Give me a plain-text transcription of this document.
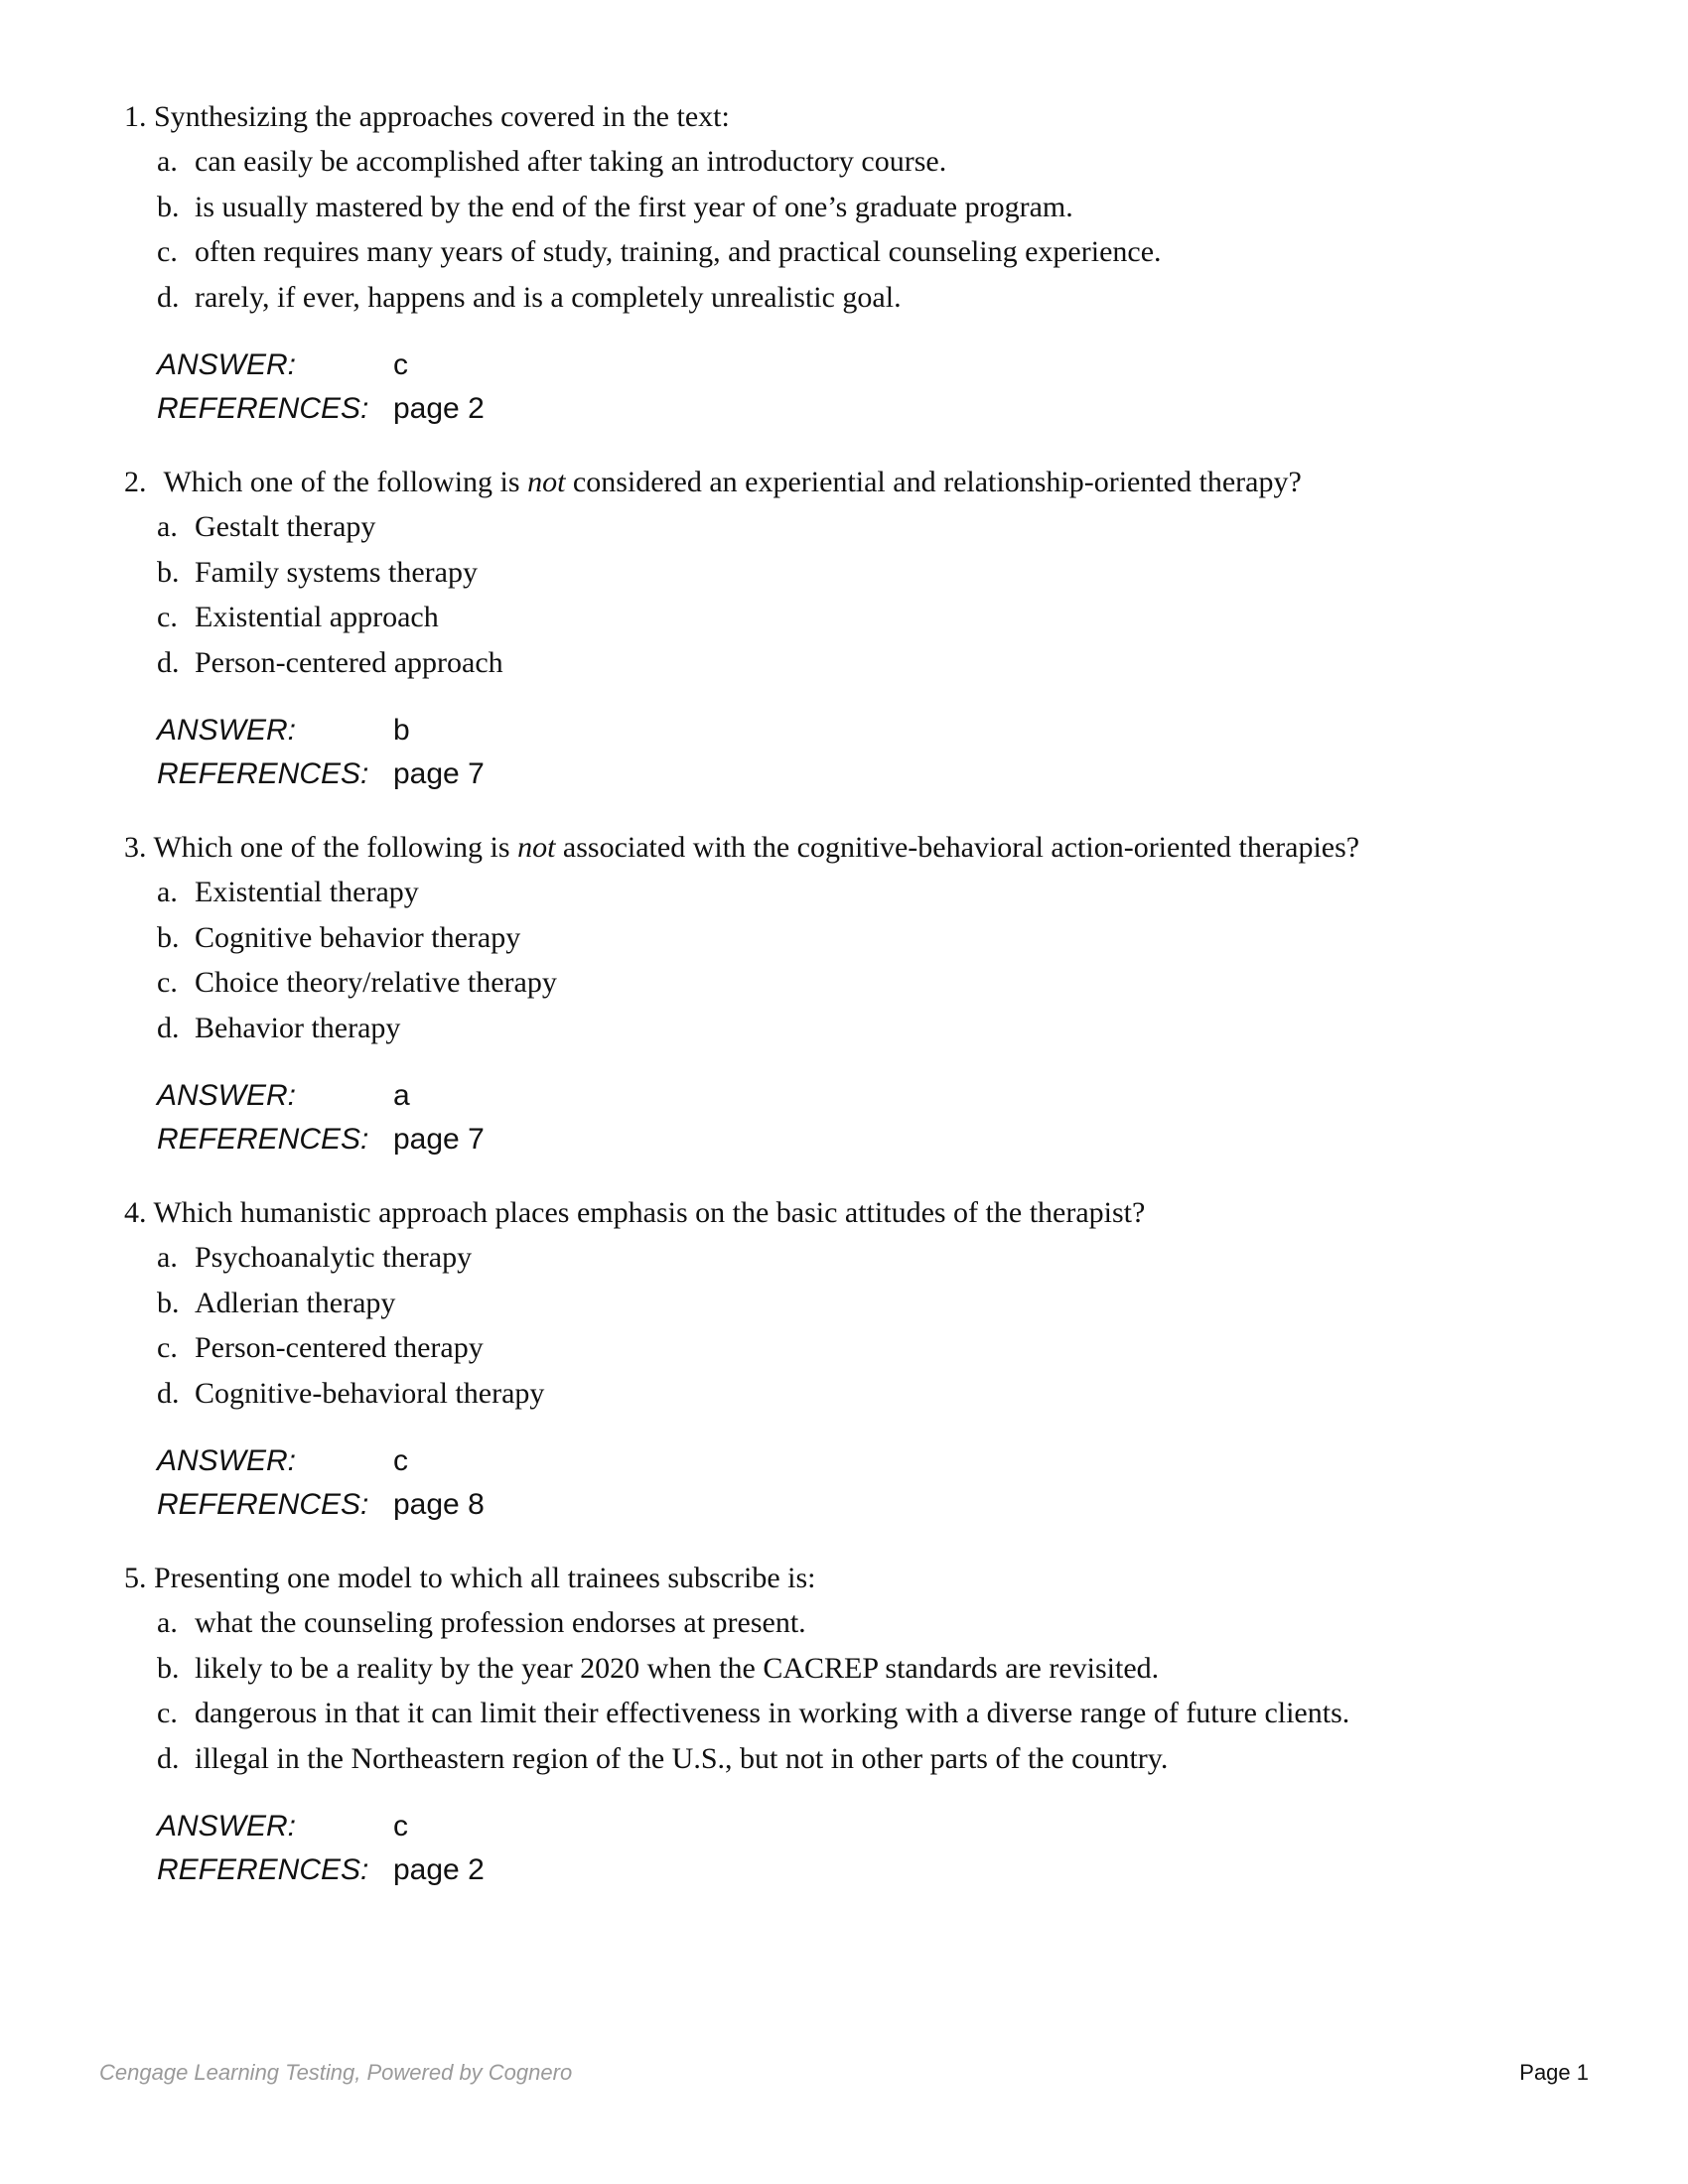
1. Synthesizing the approaches covered in the text:
a. can easily be accomplished after taking an introductory course.
b. is usually mastered by the end of the first year of one’s graduate program.
c. often requires many years of study, training, and practical counseling experience.
d. rarely, if ever, happens and is a completely unrealistic goal.
ANSWER:	c
REFERENCES: page 2
2. Which one of the following is not considered an experiential and relationship-oriented therapy?
a. Gestalt therapy
b. Family systems therapy
c. Existential approach
d. Person-centered approach
ANSWER:	b
REFERENCES: page 7
3. Which one of the following is not associated with the cognitive-behavioral action-oriented therapies?
a. Existential therapy
b. Cognitive behavior therapy
c. Choice theory/relative therapy
d. Behavior therapy
ANSWER:	a
REFERENCES: page 7
4. Which humanistic approach places emphasis on the basic attitudes of the therapist?
a. Psychoanalytic therapy
b. Adlerian therapy
c. Person-centered therapy
d. Cognitive-behavioral therapy
ANSWER:	c
REFERENCES: page 8
5. Presenting one model to which all trainees subscribe is:
a. what the counseling profession endorses at present.
b. likely to be a reality by the year 2020 when the CACREP standards are revisited.
c. dangerous in that it can limit their effectiveness in working with a diverse range of future clients.
d. illegal in the Northeastern region of the U.S., but not in other parts of the country.
ANSWER:	c
REFERENCES: page 2
Cengage Learning Testing, Powered by Cognero	Page 1
